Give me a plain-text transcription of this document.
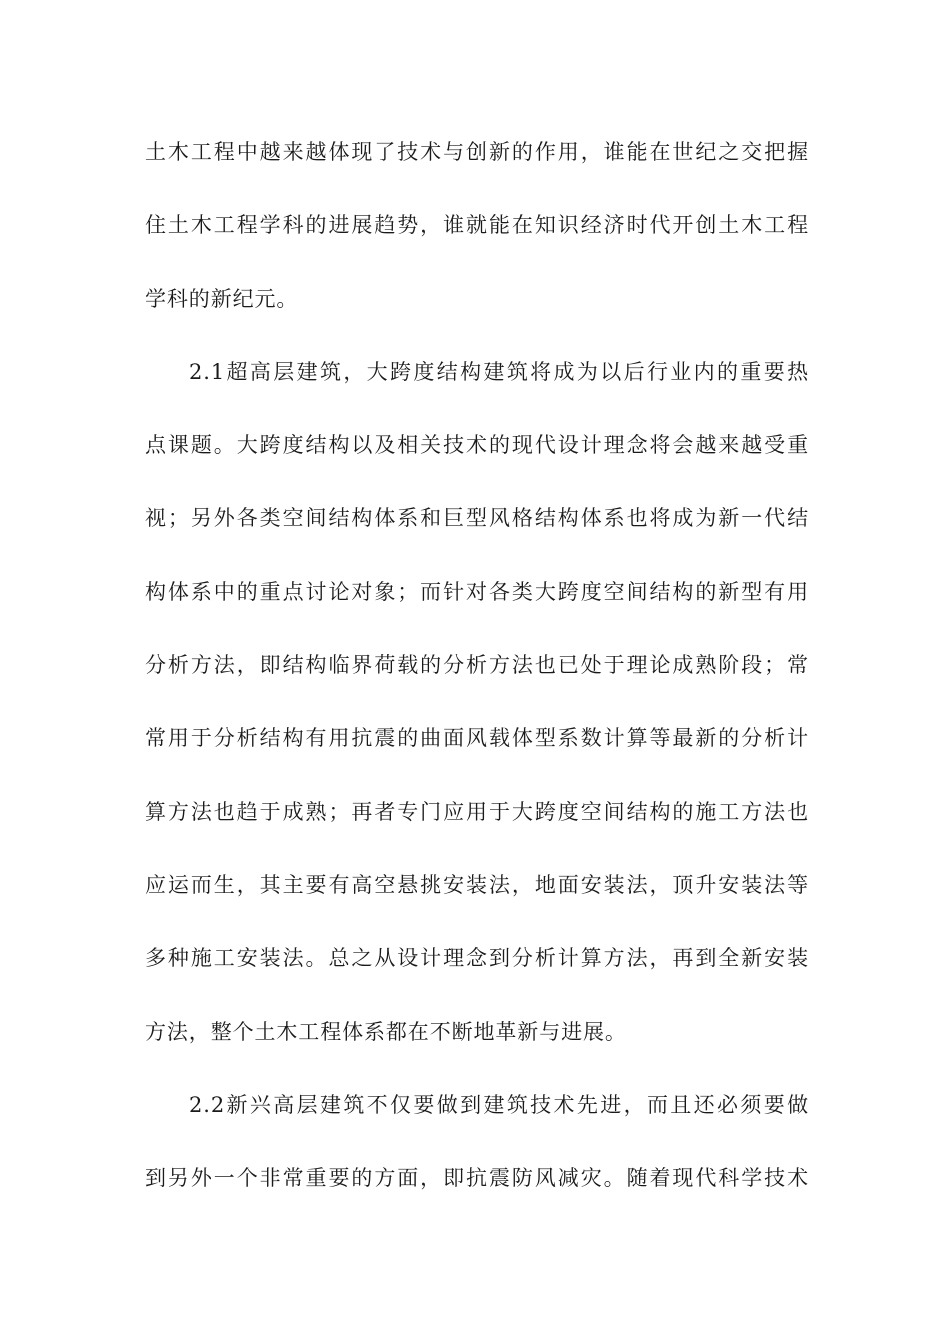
土木工程中越来越体现了技术与创新的作用，谁能在世纪之交把握
住土木工程学科的进展趋势，谁就能在知识经济时代开创土木工程
学科的新纪元。
2.1超高层建筑，大跨度结构建筑将成为以后行业内的重要热
点课题。大跨度结构以及相关技术的现代设计理念将会越来越受重
视；另外各类空间结构体系和巨型风格结构体系也将成为新一代结
构体系中的重点讨论对象；而针对各类大跨度空间结构的新型有用
分析方法，即结构临界荷载的分析方法也已处于理论成熟阶段；常
常用于分析结构有用抗震的曲面风载体型系数计算等最新的分析计
算方法也趋于成熟；再者专门应用于大跨度空间结构的施工方法也
应运而生，其主要有高空悬挑安装法，地面安装法，顶升安装法等
多种施工安装法。总之从设计理念到分析计算方法，再到全新安装
方法，整个土木工程体系都在不断地革新与进展。
2.2新兴高层建筑不仅要做到建筑技术先进，而且还必须要做
到另外一个非常重要的方面，即抗震防风减灾。随着现代科学技术
